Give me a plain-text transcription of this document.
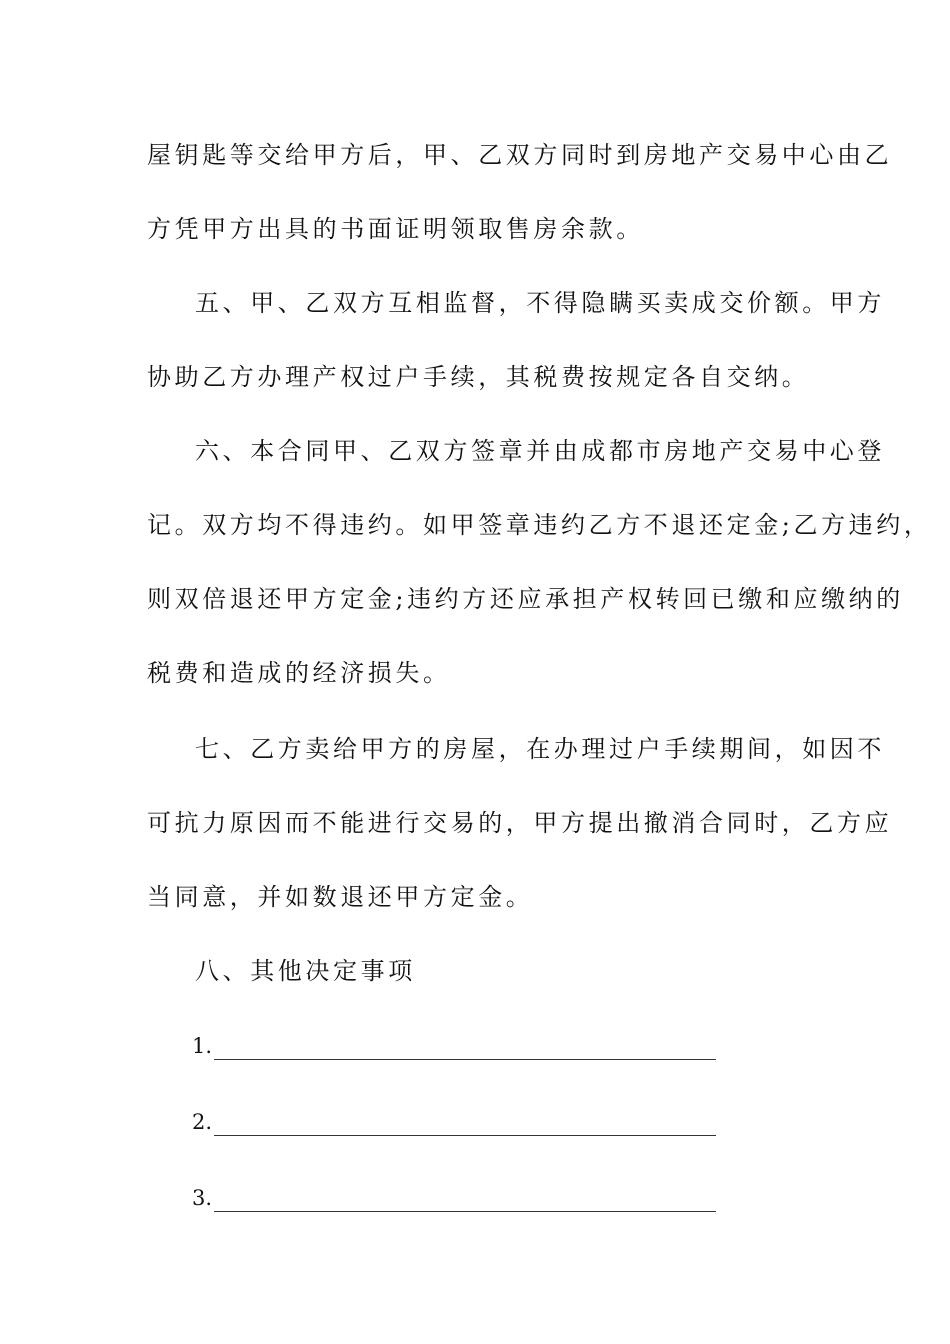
屋钥匙等交给甲方后，甲、乙双方同时到房地产交易中心由乙
方凭甲方出具的书面证明领取售房余款。
五、甲、乙双方互相监督，不得隐瞒买卖成交价额。甲方
协助乙方办理产权过户手续，其税费按规定各自交纳。
六、本合同甲、乙双方签章并由成都市房地产交易中心登
记。双方均不得违约。如甲签章违约乙方不退还定金;乙方违约，
则双倍退还甲方定金;违约方还应承担产权转回已缴和应缴纳的
税费和造成的经济损失。
七、乙方卖给甲方的房屋，在办理过户手续期间，如因不
可抗力原因而不能进行交易的，甲方提出撤消合同时，乙方应
当同意，并如数退还甲方定金。
八、其他决定事项
1.
2.
3.
